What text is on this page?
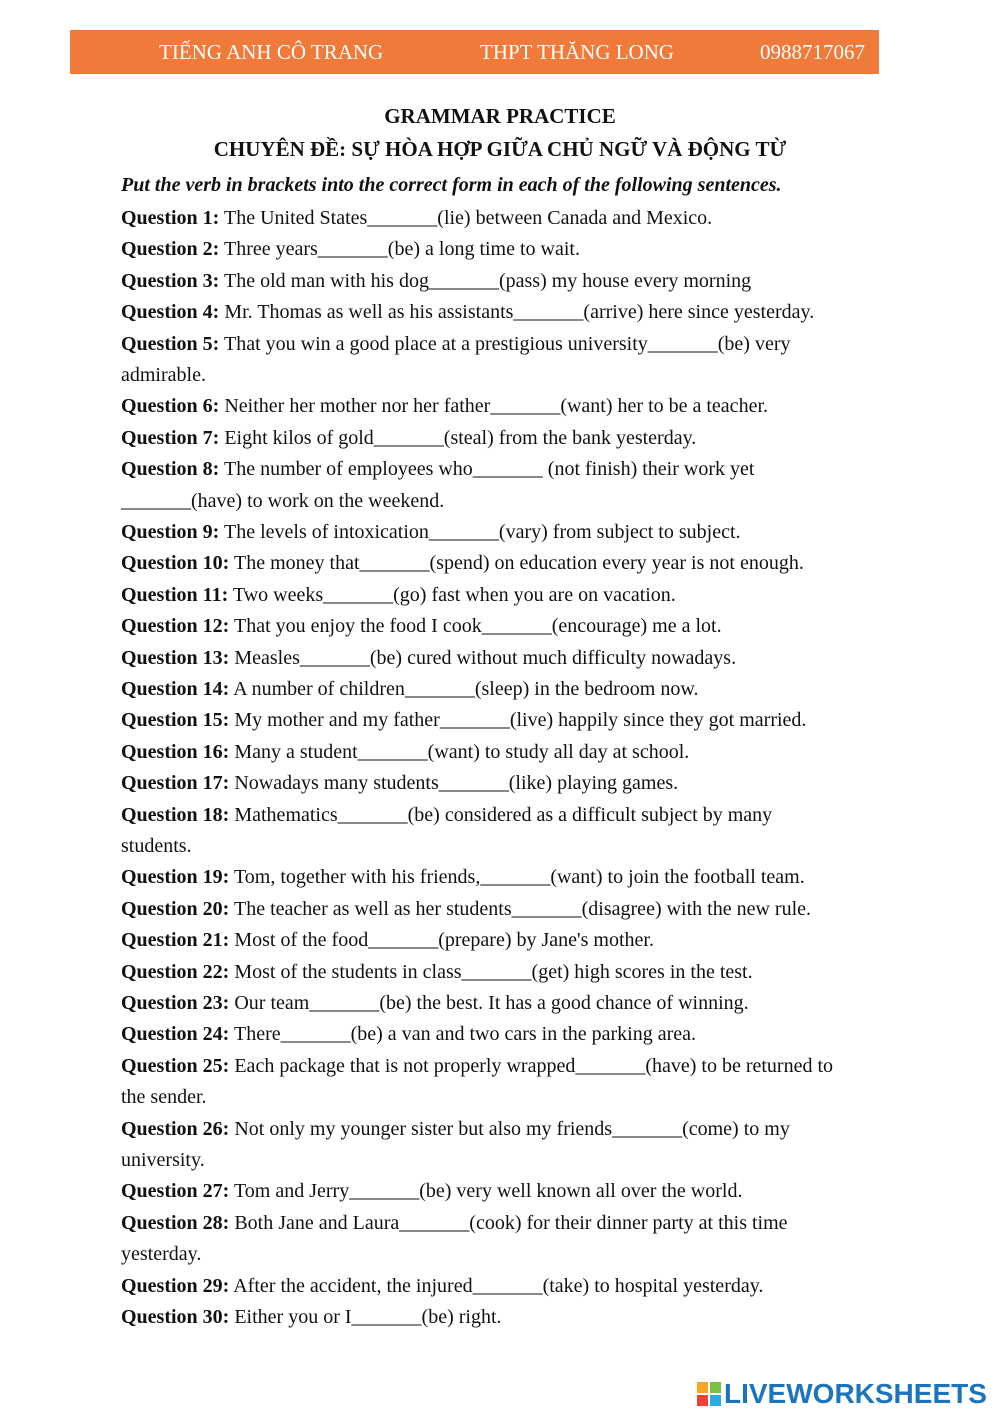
TIẾNG ANH CÔ TRANG	THPT THĂNG LONG	0988717067
GRAMMAR PRACTICE
CHUYÊN ĐỀ: SỰ HÒA HỢP GIỮA CHỦ NGỮ VÀ ĐỘNG TỪ
Put the verb in brackets into the correct form in each of the following sentences.
Question 1: The United States_______(lie) between Canada and Mexico.
Question 2: Three years_______(be) a long time to wait.
Question 3: The old man with his dog_______(pass) my house every morning
Question 4: Mr. Thomas as well as his assistants_______(arrive) here since yesterday.
Question 5: That you win a good place at a prestigious university_______(be) very
admirable.
Question 6: Neither her mother nor her father_______(want) her to be a teacher.
Question 7: Eight kilos of gold_______(steal) from the bank yesterday.
Question 8: The number of employees who_______ (not finish) their work yet
_______(have) to work on the weekend.
Question 9: The levels of intoxication_______(vary) from subject to subject.
Question 10: The money that_______(spend) on education every year is not enough.
Question 11: Two weeks_______(go) fast when you are on vacation.
Question 12: That you enjoy the food I cook_______(encourage) me a lot.
Question 13: Measles_______(be) cured without much difficulty nowadays.
Question 14: A number of children_______(sleep) in the bedroom now.
Question 15: My mother and my father_______(live) happily since they got married.
Question 16: Many a student_______(want) to study all day at school.
Question 17: Nowadays many students_______(like) playing games.
Question 18: Mathematics_______(be) considered as a difficult subject by many
students.
Question 19: Tom, together with his friends,_______(want) to join the football team.
Question 20: The teacher as well as her students_______(disagree) with the new rule.
Question 21: Most of the food_______(prepare) by Jane's mother.
Question 22: Most of the students in class_______(get) high scores in the test.
Question 23: Our team_______(be) the best. It has a good chance of winning.
Question 24: There_______(be) a van and two cars in the parking area.
Question 25: Each package that is not properly wrapped_______(have) to be returned to
the sender.
Question 26: Not only my younger sister but also my friends_______(come) to my
university.
Question 27: Tom and Jerry_______(be) very well known all over the world.
Question 28: Both Jane and Laura_______(cook) for their dinner party at this time
yesterday.
Question 29: After the accident, the injured_______(take) to hospital yesterday.
Question 30: Either you or I_______(be) right.
LIVEWORKSHEETS
